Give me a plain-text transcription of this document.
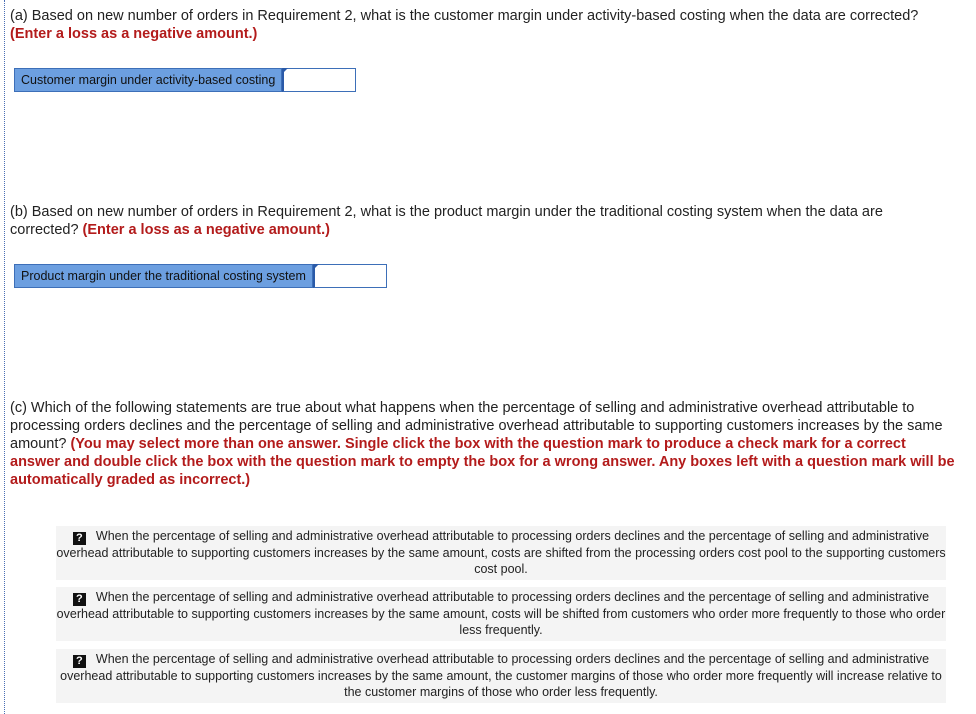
(a) Based on new number of orders in Requirement 2, what is the customer margin under activity-based costing when the data are corrected? (Enter a loss as a negative amount.)
Customer margin under activity-based costing
(b) Based on new number of orders in Requirement 2, what is the product margin under the traditional costing system when the data are corrected? (Enter a loss as a negative amount.)
Product margin under the traditional costing system
(c) Which of the following statements are true about what happens when the percentage of selling and administrative overhead attributable to processing orders declines and the percentage of selling and administrative overhead attributable to supporting customers increases by the same amount? (You may select more than one answer. Single click the box with the question mark to produce a check mark for a correct answer and double click the box with the question mark to empty the box for a wrong answer. Any boxes left with a question mark will be automatically graded as incorrect.)
? When the percentage of selling and administrative overhead attributable to processing orders declines and the percentage of selling and administrative overhead attributable to supporting customers increases by the same amount, costs are shifted from the processing orders cost pool to the supporting customers cost pool.
? When the percentage of selling and administrative overhead attributable to processing orders declines and the percentage of selling and administrative overhead attributable to supporting customers increases by the same amount, costs will be shifted from customers who order more frequently to those who order less frequently.
? When the percentage of selling and administrative overhead attributable to processing orders declines and the percentage of selling and administrative overhead attributable to supporting customers increases by the same amount, the customer margins of those who order more frequently will increase relative to the customer margins of those who order less frequently.
